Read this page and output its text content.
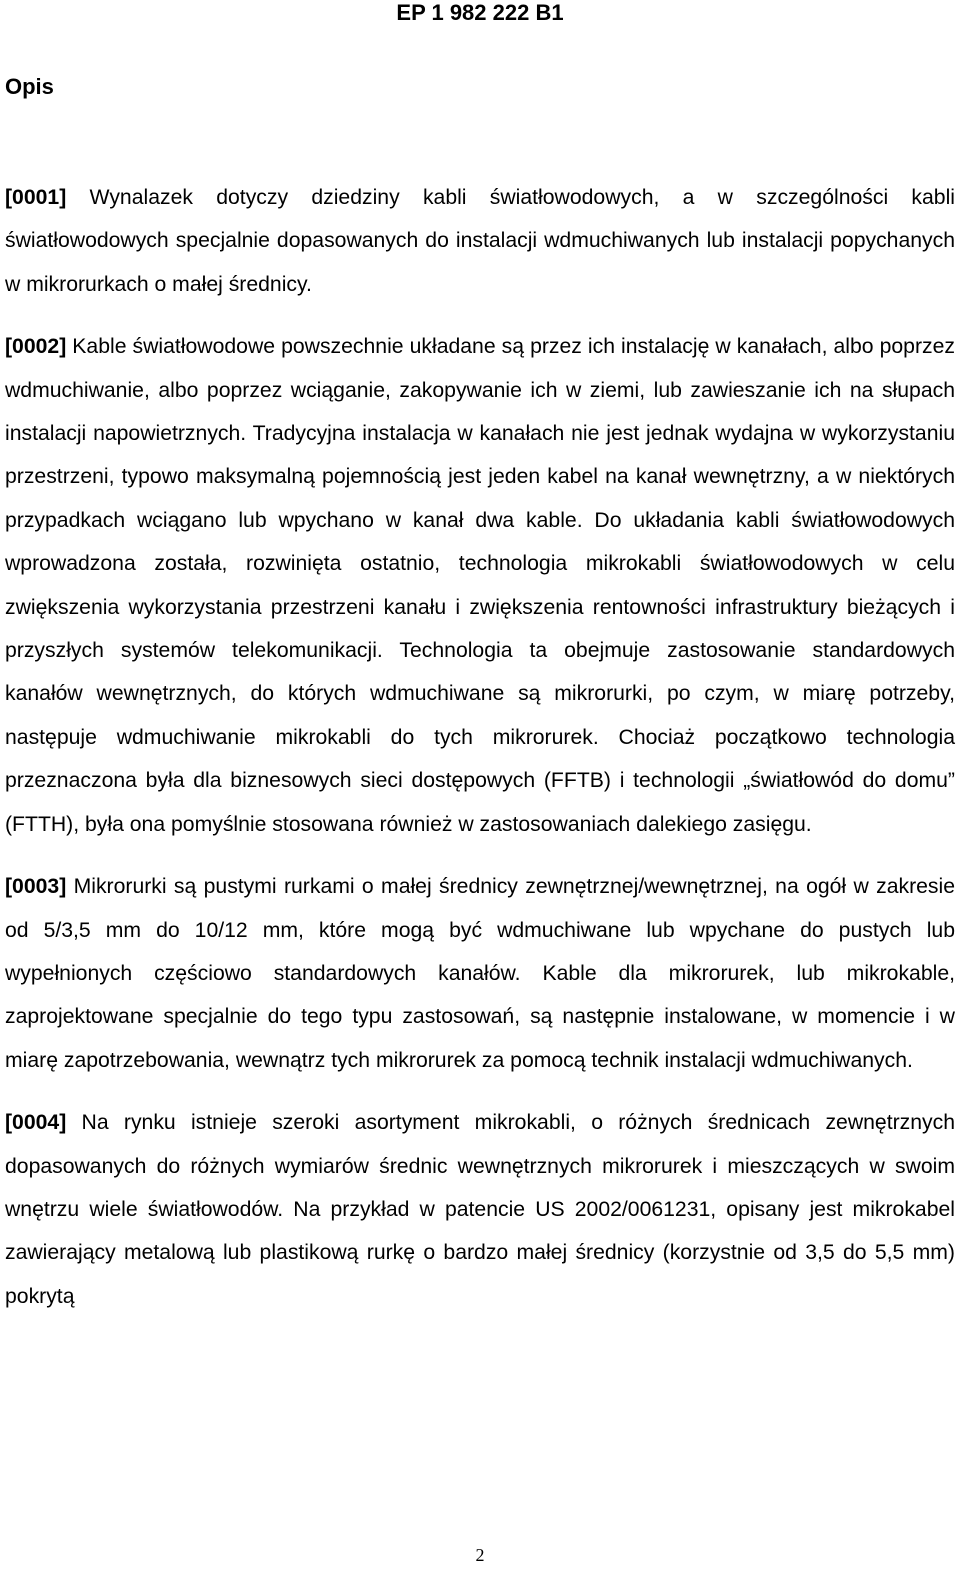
EP 1 982 222 B1
Opis

[0001] Wynalazek dotyczy dziedziny kabli światłowodowych, a w szczególności kabli światłowodowych specjalnie dopasowanych do instalacji wdmuchiwanych lub instalacji popychanych w mikrorurkach o małej średnicy.

[0002] Kable światłowodowe powszechnie układane są przez ich instalację w kanałach, albo poprzez wdmuchiwanie, albo poprzez wciąganie, zakopywanie ich w ziemi, lub zawieszanie ich na słupach instalacji napowietrznych. Tradycyjna instalacja w kanałach nie jest jednak wydajna w wykorzystaniu przestrzeni, typowo maksymalną pojemnością jest jeden kabel na kanał wewnętrzny, a w niektórych przypadkach wciągano lub wpychano w kanał dwa kable. Do układania kabli światłowodowych wprowadzona została, rozwinięta ostatnio, technologia mikrokabli światłowodowych w celu zwiększenia wykorzystania przestrzeni kanału i zwiększenia rentowności infrastruktury bieżących i przyszłych systemów telekomunikacji. Technologia ta obejmuje zastosowanie standardowych kanałów wewnętrznych, do których wdmuchiwane są mikrorurki, po czym, w miarę potrzeby, następuje wdmuchiwanie mikrokabli do tych mikrorurek. Chociaż początkowo technologia przeznaczona była dla biznesowych sieci dostępowych (FFTB) i technologii „światłowód do domu” (FTTH), była ona pomyślnie stosowana również w zastosowaniach dalekiego zasięgu.

[0003] Mikrorurki są pustymi rurkami o małej średnicy zewnętrznej/wewnętrznej, na ogół w zakresie od 5/3,5 mm do 10/12 mm, które mogą być wdmuchiwane lub wpychane do pustych lub wypełnionych częściowo standardowych kanałów. Kable dla mikrorurek, lub mikrokable, zaprojektowane specjalnie do tego typu zastosowań, są następnie instalowane, w momencie i w miarę zapotrzebowania, wewnątrz tych mikrorurek za pomocą technik instalacji wdmuchiwanych.

[0004] Na rynku istnieje szeroki asortyment mikrokabli, o różnych średnicach zewnętrznych dopasowanych do różnych wymiarów średnic wewnętrznych mikrorurek i mieszczących w swoim wnętrzu wiele światłowodów. Na przykład w patencie US 2002/0061231, opisany jest mikrokabel zawierający metalową lub plastikową rurkę o bardzo małej średnicy (korzystnie od 3,5 do 5,5 mm) pokrytą

2
